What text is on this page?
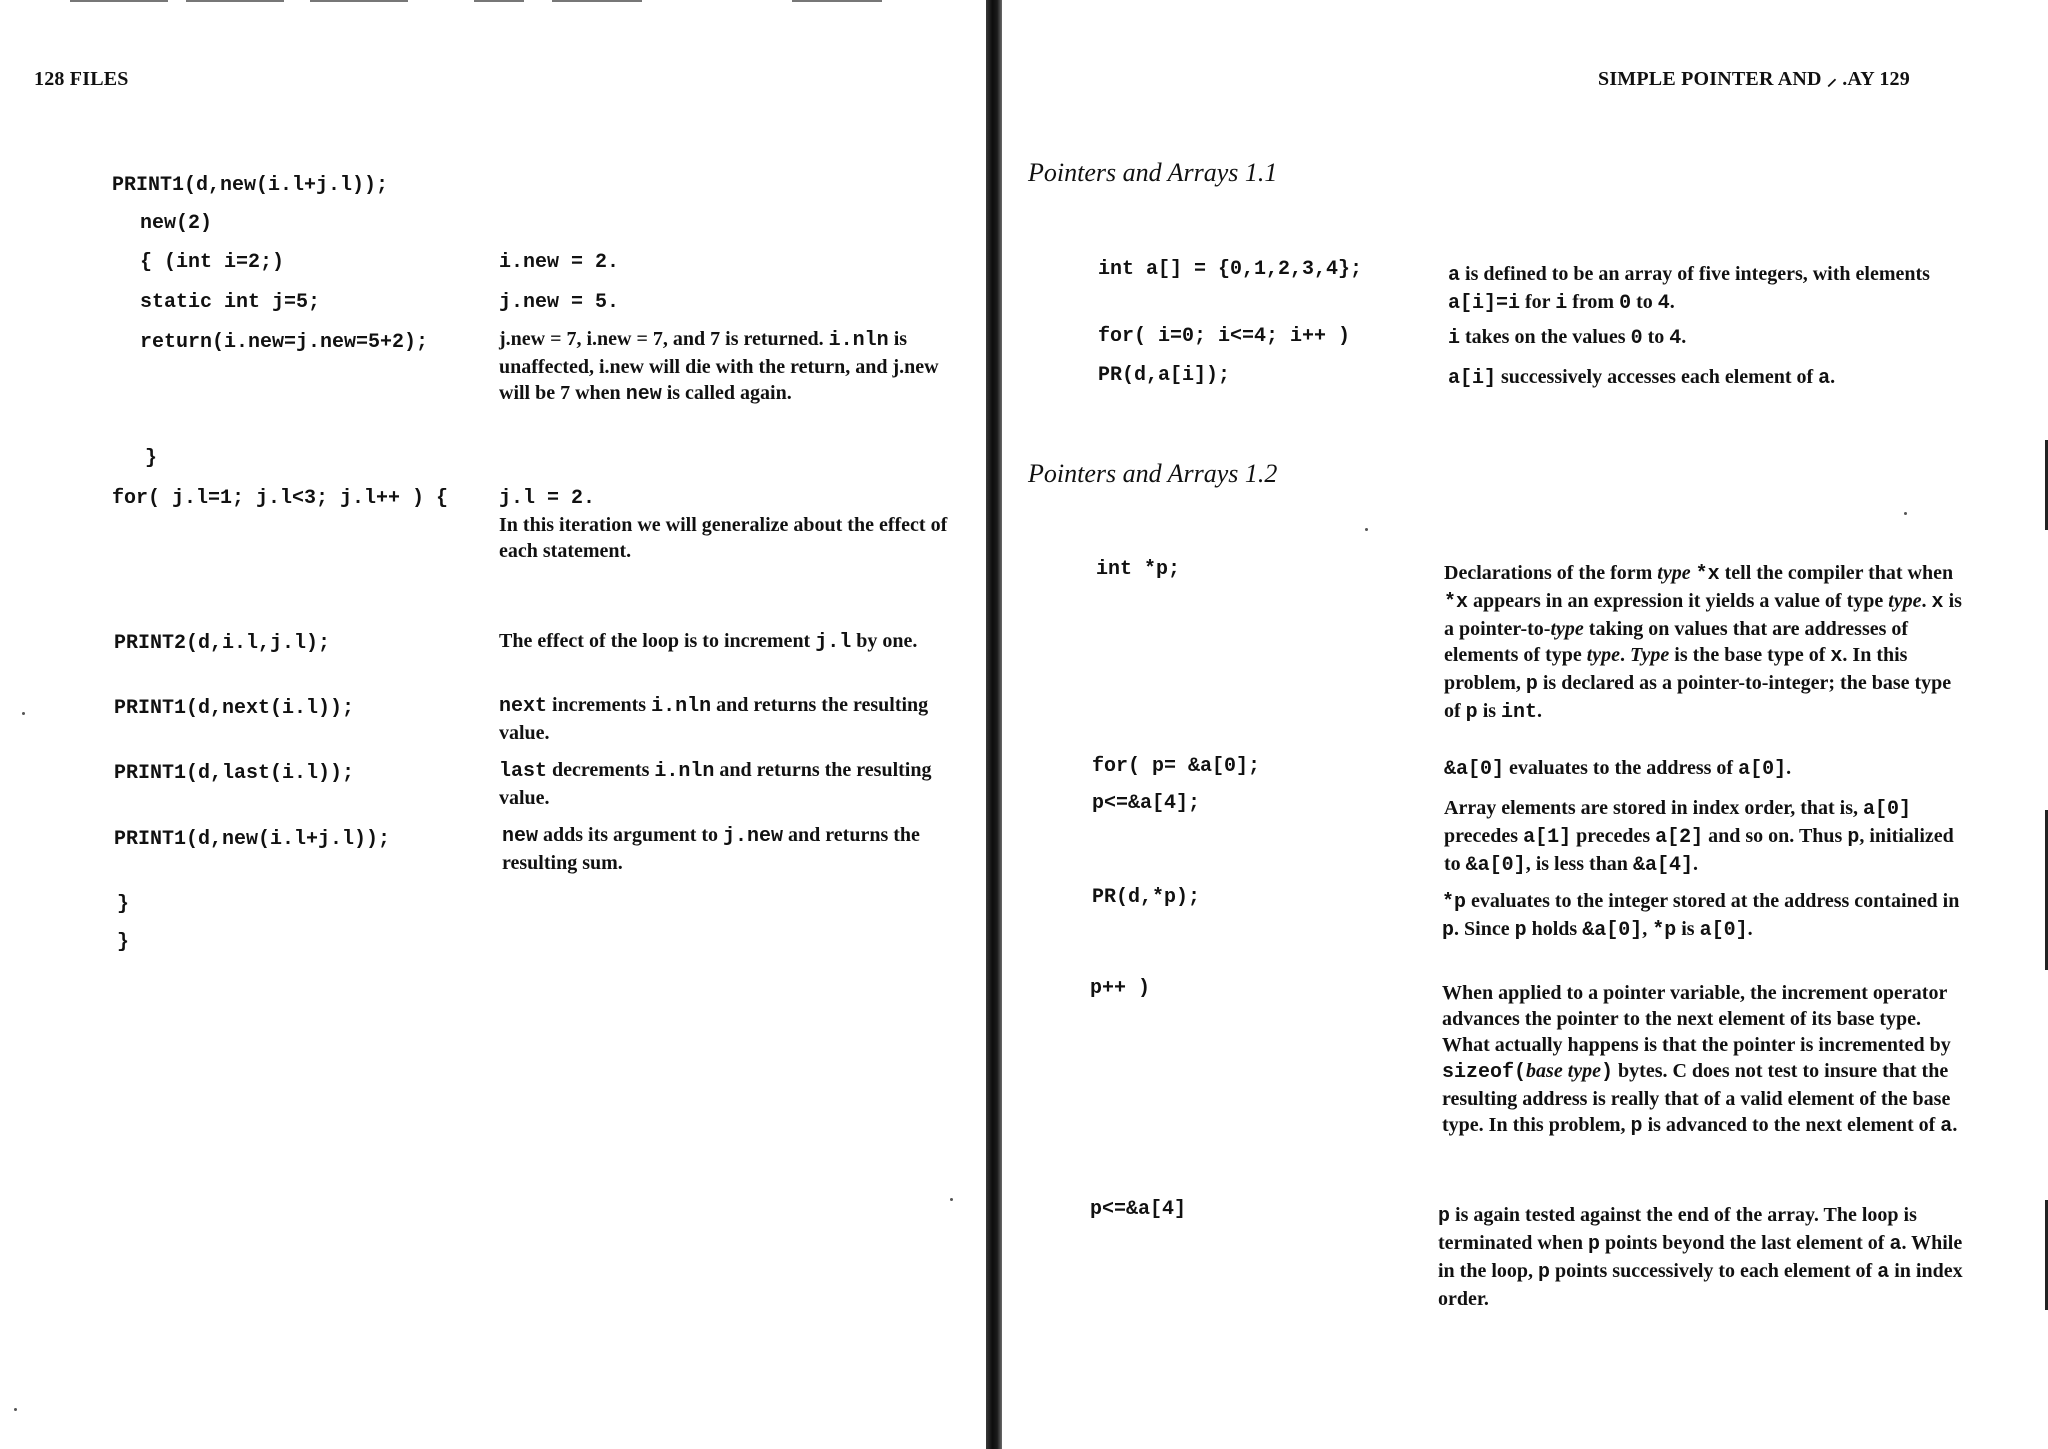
128 FILES
PRINT1(d,new(i.l+j.l));
new(2)
{ (int i=2;)
static int j=5;
return(i.new=j.new=5+2);
}
for( j.l=1; j.l<3; j.l++ ) {
PRINT2(d,i.l,j.l);
PRINT1(d,next(i.l));
PRINT1(d,last(i.l));
PRINT1(d,new(i.l+j.l));
}
}
i.new = 2.
j.new = 5.
j.new = 7, i.new = 7, and 7 is returned. i.nln is unaffected, i.new will die with the return, and j.new will be 7 when new is called again.
j.l = 2.
In this iteration we will generalize about the effect of each statement.
The effect of the loop is to increment j.l by one.
next increments i.nln and returns the resulting value.
last decrements i.nln and returns the resulting value.
new adds its argument to j.new and returns the resulting sum.
SIMPLE POINTER AND ⸝ .AY 129
Pointers and Arrays 1.1
int a[] = {0,1,2,3,4};
for( i=0; i<=4; i++ )
PR(d,a[i]);
a is defined to be an array of five integers, with elements a[i]=i for i from 0 to 4.
i takes on the values 0 to 4.
a[i] successively accesses each element of a.
Pointers and Arrays 1.2
int *p;
for( p= &a[0];
p<=&a[4];
PR(d,*p);
p++ )
p<=&a[4]
Declarations of the form type *x tell the compiler that when *x appears in an expression it yields a value of type type. x is a pointer-to-type taking on values that are addresses of elements of type type. Type is the base type of x. In this problem, p is declared as a pointer-to-integer; the base type of p is int.
&a[0] evaluates to the address of a[0].
Array elements are stored in index order, that is, a[0] precedes a[1] precedes a[2] and so on. Thus p, initialized to &a[0], is less than &a[4].
*p evaluates to the integer stored at the address contained in p. Since p holds &a[0], *p is a[0].
When applied to a pointer variable, the increment operator advances the pointer to the next element of its base type. What actually happens is that the pointer is incremented by sizeof(base type) bytes. C does not test to insure that the resulting address is really that of a valid element of the base type. In this problem, p is advanced to the next element of a.
p is again tested against the end of the array. The loop is terminated when p points beyond the last element of a. While in the loop, p points successively to each element of a in index order.
